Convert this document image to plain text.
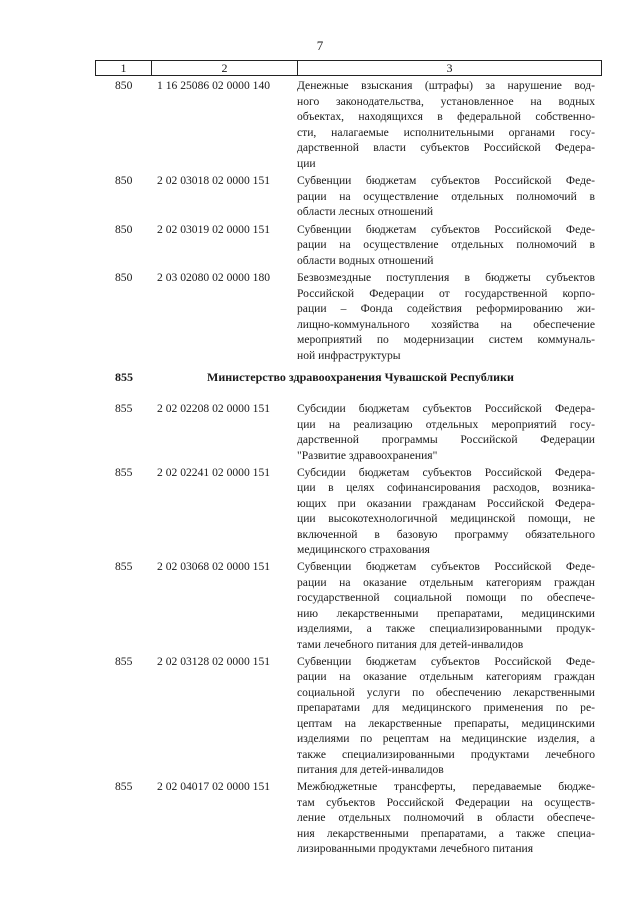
7
1	2	3
850 1 16 25086 02 0000 140 Денежные взыскания (штрафы) за нарушение вод-
ного законодательства, установленное на водных
объектах, находящихся в федеральной собственно-
сти, налагаемые исполнительными органами госу-
дарственной власти субъектов Российской Федера-
ции
850 2 02 03018 02 0000 151 Субвенции бюджетам субъектов Российской Феде-
рации на осуществление отдельных полномочий в
области лесных отношений
850 2 02 03019 02 0000 151 Субвенции бюджетам субъектов Российской Феде-
рации на осуществление отдельных полномочий в
области водных отношений
850 2 03 02080 02 0000 180 Безвозмездные поступления в бюджеты субъектов
Российской Федерации от государственной корпо-
рации – Фонда содействия реформированию жи-
лищно-коммунального хозяйства на обеспечение
мероприятий по модернизации систем коммуналь-
ной инфраструктуры
855	Министерство здравоохранения Чувашской Республики
855 2 02 02208 02 0000 151 Субсидии бюджетам субъектов Российской Федера-
ции на реализацию отдельных мероприятий госу-
дарственной программы Российской Федерации
"Развитие здравоохранения"
855 2 02 02241 02 0000 151 Субсидии бюджетам субъектов Российской Федера-
ции в целях софинансирования расходов, возника-
ющих при оказании гражданам Российской Федера-
ции высокотехнологичной медицинской помощи, не
включенной в базовую программу обязательного
медицинского страхования
855 2 02 03068 02 0000 151 Субвенции бюджетам субъектов Российской Феде-
рации на оказание отдельным категориям граждан
государственной социальной помощи по обеспече-
нию лекарственными препаратами, медицинскими
изделиями, а также специализированными продук-
тами лечебного питания для детей-инвалидов
855 2 02 03128 02 0000 151 Субвенции бюджетам субъектов Российской Феде-
рации на оказание отдельным категориям граждан
социальной услуги по обеспечению лекарственными
препаратами для медицинского применения по ре-
цептам на лекарственные препараты, медицинскими
изделиями по рецептам на медицинские изделия, а
также специализированными продуктами лечебного
питания для детей-инвалидов
855 2 02 04017 02 0000 151 Межбюджетные трансферты, передаваемые бюдже-
там субъектов Российской Федерации на осуществ-
ление отдельных полномочий в области обеспече-
ния лекарственными препаратами, а также специа-
лизированными продуктами лечебного питания
